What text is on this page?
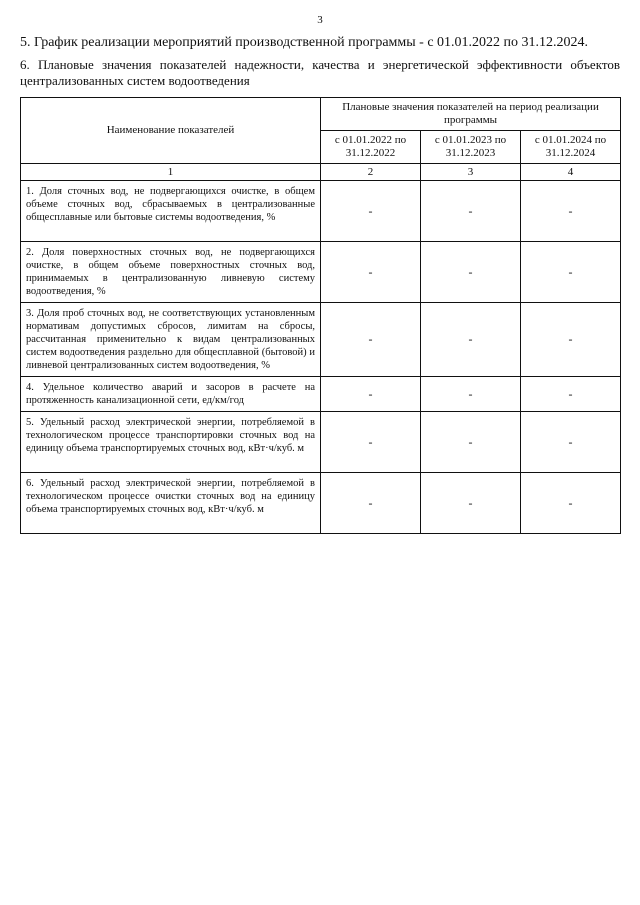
3

5. График реализации мероприятий производственной программы - с 01.01.2022 по 31.12.2024.

6. Плановые значения показателей надежности, качества и энергетической эффективности объектов централизованных систем водоотведения

Наименование показателей	Плановые значения показателей на период реализации программы		
	с 01.01.2022 по 31.12.2022	с 01.01.2023 по 31.12.2023	с 01.01.2024 по 31.12.2024
1	2	3	4
1. Доля сточных вод, не подвергающихся очистке, в общем объеме сточных вод, сбрасываемых в централизованные общесплавные или бытовые системы водоотведения, %	-	-	-
2. Доля поверхностных сточных вод, не подвергающихся очистке, в общем объеме поверхностных сточных вод, принимаемых в централизованную ливневую систему водоотведения, %	-	-	-
3. Доля проб сточных вод, не соответствующих установленным нормативам допустимых сбросов, лимитам на сбросы, рассчитанная применительно к видам централизованных систем водоотведения раздельно для общесплавной (бытовой) и ливневой централизованных систем водоотведения, %	-	-	-
4. Удельное количество аварий и засоров в расчете на протяженность канализационной сети, ед/км/год	-	-	-
5. Удельный расход электрической энергии, потребляемой в технологическом процессе транспортировки сточных вод на единицу объема транспортируемых сточных вод, кВт·ч/куб. м	-	-	-
6. Удельный расход электрической энергии, потребляемой в технологическом процессе очистки сточных вод на единицу объема транспортируемых сточных вод, кВт·ч/куб. м	-	-	-
